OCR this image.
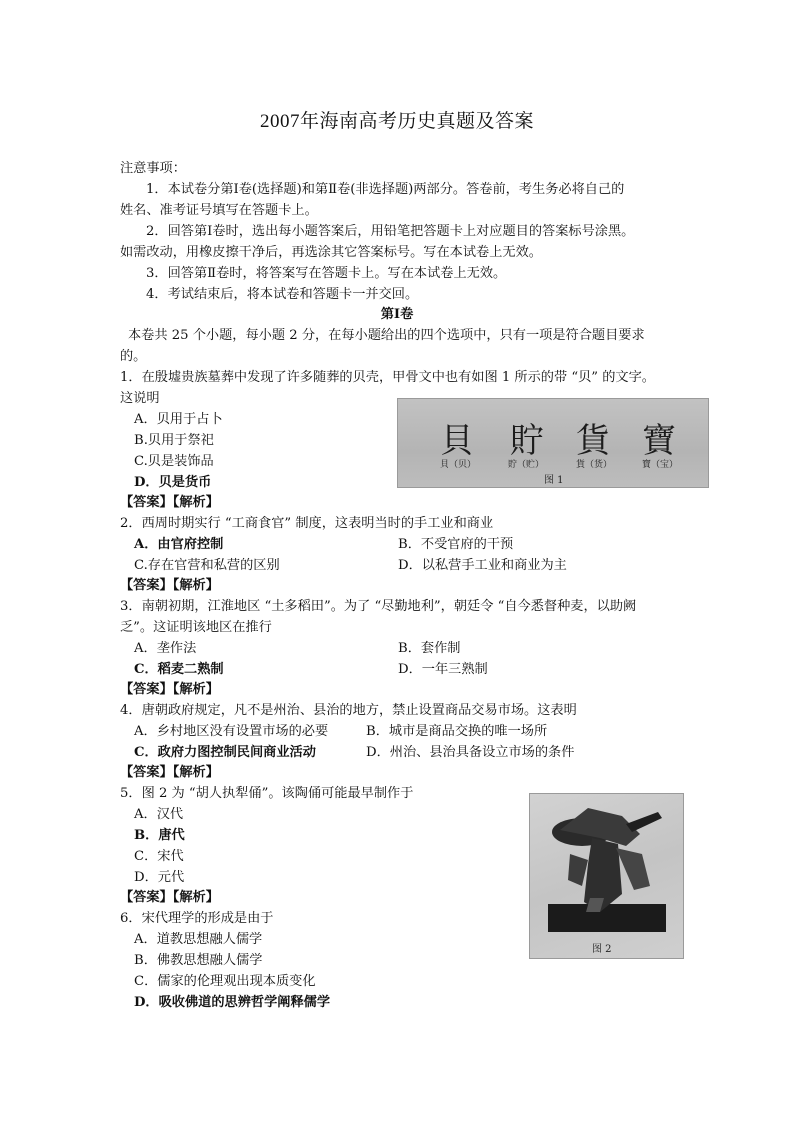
2007年海南高考历史真题及答案
注意事项：
1．本试卷分第Ⅰ卷(选择题)和第Ⅱ卷(非选择题)两部分。答卷前，考生务必将自己的
姓名、准考证号填写在答题卡上。
2．回答第Ⅰ卷时，选出每小题答案后，用铅笔把答题卡上对应题目的答案标号涂黑。
如需改动，用橡皮擦干净后，再选涂其它答案标号。写在本试卷上无效。
3．回答第Ⅱ卷时，将答案写在答题卡上。写在本试卷上无效。
4．考试结束后，将本试卷和答题卡一并交回。
第Ⅰ卷
本卷共 25 个小题，每小题 2 分，在每小题给出的四个选项中，只有一项是符合题目要求
的。
1．在殷墟贵族墓葬中发现了许多随葬的贝壳，甲骨文中也有如图 1 所示的带 “贝” 的文字。
这说明
A．贝用于占卜
B.贝用于祭祀
C.贝是装饰品
D．贝是货币
【答案】【解析】
貝 貯 貨 寶
貝（贝）	貯（贮）	貨（货）	寶（宝）
图 1
2．西周时期实行 “工商食官” 制度，这表明当时的手工业和商业
A．由官府控制	B．不受官府的干预
C.存在官营和私营的区别	D．以私营手工业和商业为主
【答案】【解析】
3．南朝初期，江淮地区 “土多稻田”。为了 “尽勤地利”，朝廷令 “自今悉督种麦，以助阙
乏”。这证明该地区在推行
A．垄作法	B．套作制
C．稻麦二熟制	D．一年三熟制
【答案】【解析】
4．唐朝政府规定，凡不是州治、县治的地方，禁止设置商品交易市场。这表明
A．乡村地区没有设置市场的必要	B．城市是商品交换的唯一场所
C．政府力图控制民间商业活动	D．州治、县治具备设立市场的条件
【答案】【解析】
5．图 2 为 “胡人执犁俑”。该陶俑可能最早制作于
A．汉代
B．唐代
C．宋代
D．元代
【答案】【解析】
图 2
6．宋代理学的形成是由于
A．道教思想融人儒学
B．佛教思想融人儒学
C．儒家的伦理观出现本质变化
D．吸收佛道的思辨哲学阐释儒学
